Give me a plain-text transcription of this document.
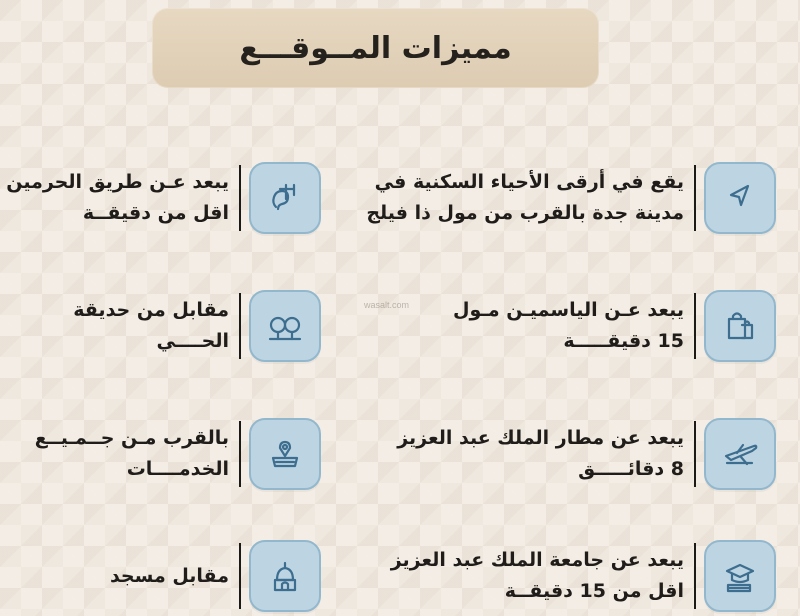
مميزات المــوقـــع
wasalt.com
يقع في أرقى الأحياء السكنية في
مدينة جدة بالقرب من مول ذا فيلج
يبعد عـن الياسميـن مـول
15 دقيقـــــة
يبعد عن مطار الملك عبد العزيز
8 دقائـــــق
يبعد عن جامعة الملك عبد العزيز
اقل من 15 دقيقــة
يبعد عـن طريق الحرمين
اقل من دقيقــة
مقابل من حديقة
الحــــي
بالقرب مـن جــمـيــع
الخدمــــات
مقابل مسجد
